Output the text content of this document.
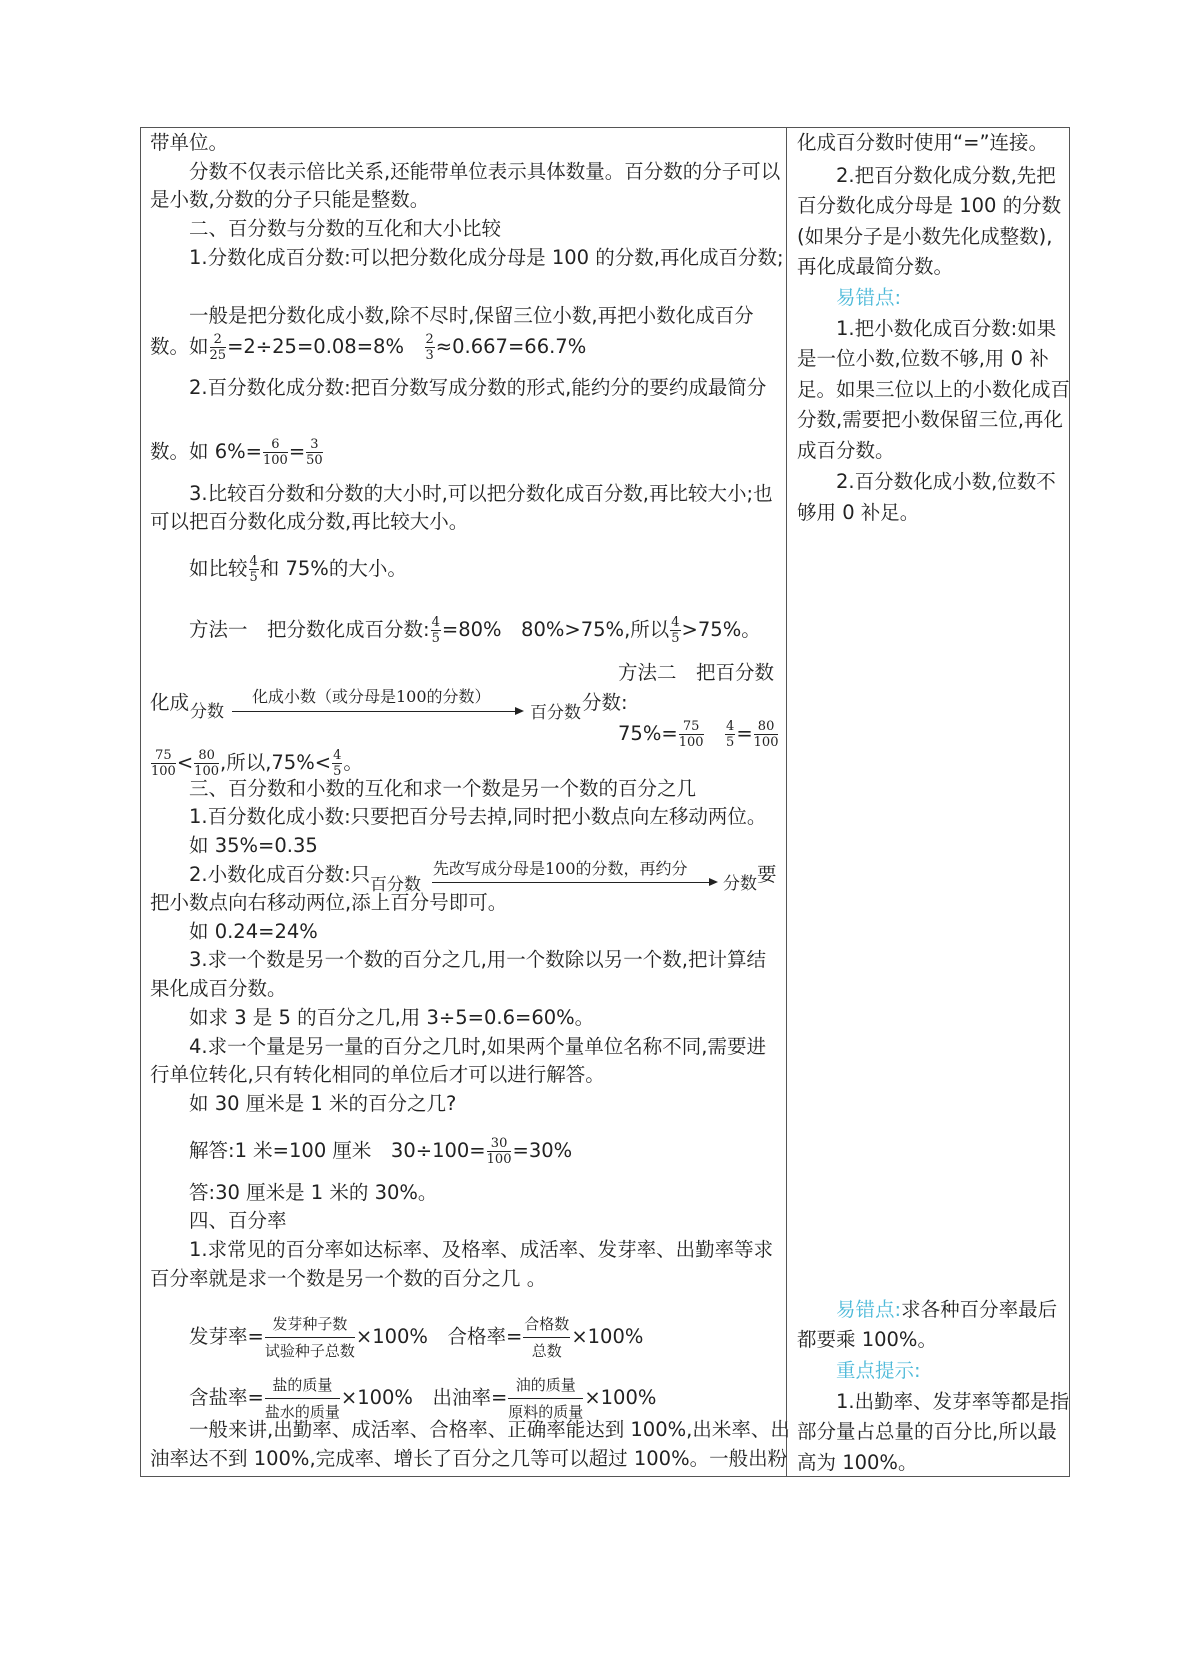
带单位。
分数不仅表示倍比关系,还能带单位表示具体数量。百分数的分子可以
是小数,分数的分子只能是整数。
二、百分数与分数的互化和大小比较
1.分数化成百分数:可以把分数化成分母是 100 的分数,再化成百分数;
一般是把分数化成小数,除不尽时,保留三位小数,再把小数化成百分
数。如 $\frac{2}{25} =2\div 25=0.08=8\%$　 $\frac{2}{3} \approx 0.667=66.7\%$
2.百分数化成分数:把百分数写成分数的形式,能约分的要约成最简分
数。如 $6\%= \frac{6}{100} = \frac{3}{50}$
3.比较百分数和分数的大小时,可以把分数化成百分数,再比较大小;也
可以把百分数化成分数,再比较大小。
如比较 $\frac{4}{5}$ 和 75%的大小。
方法一　把分数化成百分数: $\frac{4}{5} =80\%$　80%>75%,所以 $\frac{4}{5} >75\%$。
方法二　把百分数
化成
$75\%= \frac{75}{100}$
　 $\frac{4}{5} = \frac{80}{100}$
$\frac{75}{100} < \frac{80}{100}$ ,所以$,75\%< \frac{4}{5}$ 。
三、百分数和小数的互化和求一个数是另一个数的百分之几
1.百分数化成小数:只要把百分号去掉,同时把小数点向左移动两位。
如 35%=0.35
2.小数化成百分数:只
把小数点向右移动两位,添上百分号即可。
如 0.24=24%
3.求一个数是另一个数的百分之几,用一个数除以另一个数,把计算结
果化成百分数。
如求 3 是 5 的百分之几,用 3÷5=0.6=60%。
4.求一个量是另一量的百分之几时,如果两个量单位名称不同,需要进
行单位转化,只有转化相同的单位后才可以进行解答。
如 30 厘米是 1 米的百分之几?
解答:1 米=100 厘米　$30\div 100= \frac{30}{100} =30\%$
答:30 厘米是 1 米的 30%。
四、百分率
1.求常见的百分率如达标率、及格率、成活率、发芽率、出勤率等求
百分率就是求一个数是另一个数的百分之几 。
发芽率= $\frac{\text{发芽种子数}}{\text{试验种子总数}} \times 100\%$　合格率= $\frac{\text{合格数}}{\text{总数}} \times 100\%$
含盐率= $\frac{\text{盐的质量}}{\text{盐水的质量}} \times 100\%$　出油率= $\frac{\text{油的质量}}{\text{原料的质量}} \times 100\%$
一般来讲,出勤率、成活率、合格率、正确率能达到 100%,出米率、出
油率达不到 100%,完成率、增长了百分之几等可以超过 100%。一般出粉
化成百分数时使用“=”连接。
2.把百分数化成分数,先把
百分数化成分母是 100 的分数
(如果分子是小数先化成整数),
再化成最简分数。
易错点:
1.把小数化成百分数:如果
是一位小数,位数不够,用 0 补
足。如果三位以上的小数化成百
分数,需要把小数保留三位,再化
成百分数。
2.百分数化成小数,位数不
够用 0 补足。
易错点:求各种百分率最后
都要乘 100%。
重点提示:
1.出勤率、发芽率等都是指
部分量占总量的百分比,所以最
高为 100%。
分数
化成小数（或分母是100的分数）
百分数 分数:
百分数
先改写成分母是100的分数，再约分
分数 要
